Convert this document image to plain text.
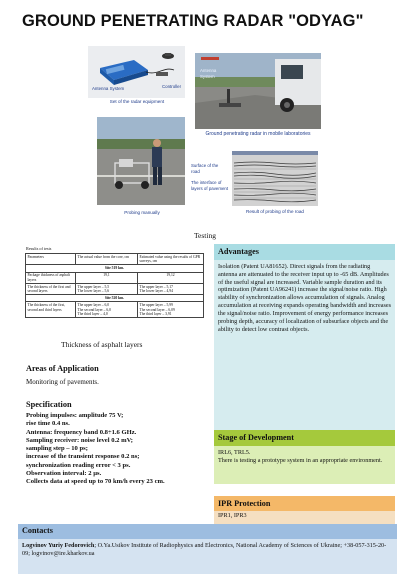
GROUND PENETRATING RADAR "ODYAG"
Antenna System	Controller
Set of the radar equipment
Antenna System
Ground penetrating radar in mobile laboratories
Probing manually
Surface of the road
The interface of layers of pavement
Result of probing of the road
Testing
Results of tests
Parameters	The actual value from the core, cm	Estimated value using the results of GPR surveys, cm
Site 519 km.		
Package thickness of asphalt layers	19,1	19,12
The thickness of the first and second layers	The upper layer – 5,5
The lower layer – 5,6	The upper layer – 5,17
The lower layer – 4,94
Site 520 km.		
The thickness of the first, second and third layers	The upper layer – 6,0
The second layer – 6,0
The third layer – 4,0	The upper layer – 5,99
The second layer – 6,09
The third layer – 3,91
Thickness of asphalt layers
Areas of Application
Monitoring of pavements.
Specification
Probing impulses: amplitude 75 V;
rise time 0.4 ns.
Antenna: frequency band 0.8÷1.6 GHz.
Sampling receiver: noise level 0.2 mV;
sampling step – 10 ps;
increase of the transient response 0.2 ns;
synchronization reading error < 3 ps.
Observation interval: 2 µs.
Collects data at speed up to 70 km/h every 23 cm.
Advantages
Isolation (Patent UA81652). Direct signals from the radiating antenna are attenuated to the receiver input up to -65 dB. Amplitudes of the useful signal are increased. Variable sample duration and its optimization (Patent UA96241) increase the signal/noise ratio. High stability of synchronization allows accumulation of signals. Analog accumulation at receiving expands operating bandwidth and increases the signal/noise ratio. Improvement of energy performance increases probing depth, accuracy of localization of subsurface objects and the ability to detect low contrast objects.
Stage of Development
IRL6, TRL5.
There is testing a prototype system in an appropriate environment.
IPR Protection
IPR1, IPR3
Contacts
Logvinov Yuriy Fedorovich; O.Ya.Usikov Institute of Radiophysics and Electronics, National Academy of Sciences of Ukraine; +38-057-315-20-09; logvinov@ire.kharkov.ua
